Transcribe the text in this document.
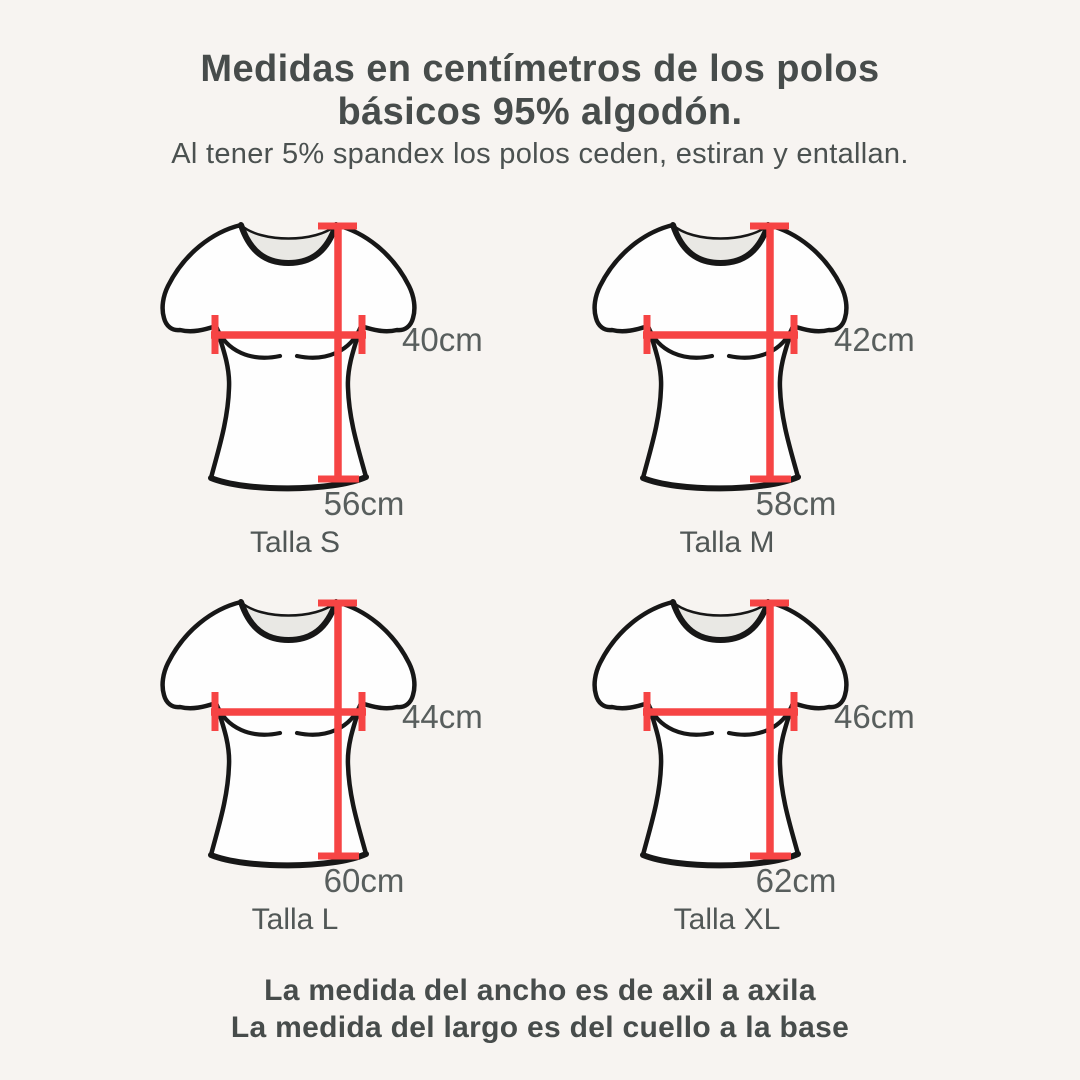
Medidas en centímetros de los polos
básicos 95% algodón.
Al tener 5% spandex los polos ceden, estiran y entallan.
40cm
56cm
Talla S
42cm
58cm
Talla M
44cm
60cm
Talla L
46cm
62cm
Talla XL
La medida del ancho es de axil a axila
La medida del largo es del cuello a la base
